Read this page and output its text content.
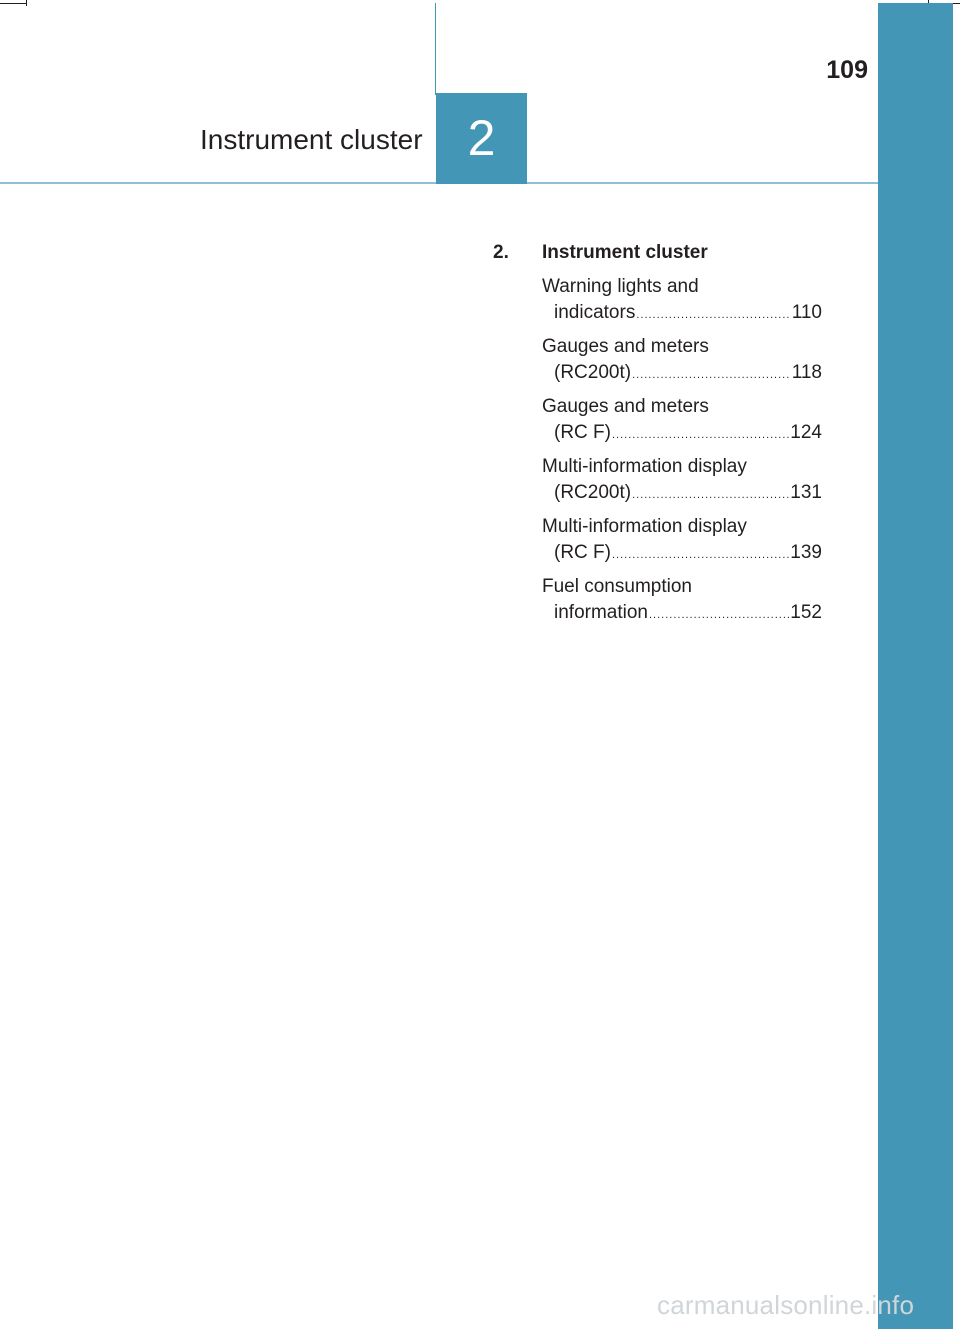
Instrument cluster 2
109
2. Instrument cluster
Warning lights and
indicators .....	110
Gauges and meters
(RC200t) .....	118
Gauges and meters
(RC F) .....	124
Multi-information display
(RC200t) .....	131
Multi-information display
(RC F) .....	139
Fuel consumption
information .....	152
carmanualsonline.info
